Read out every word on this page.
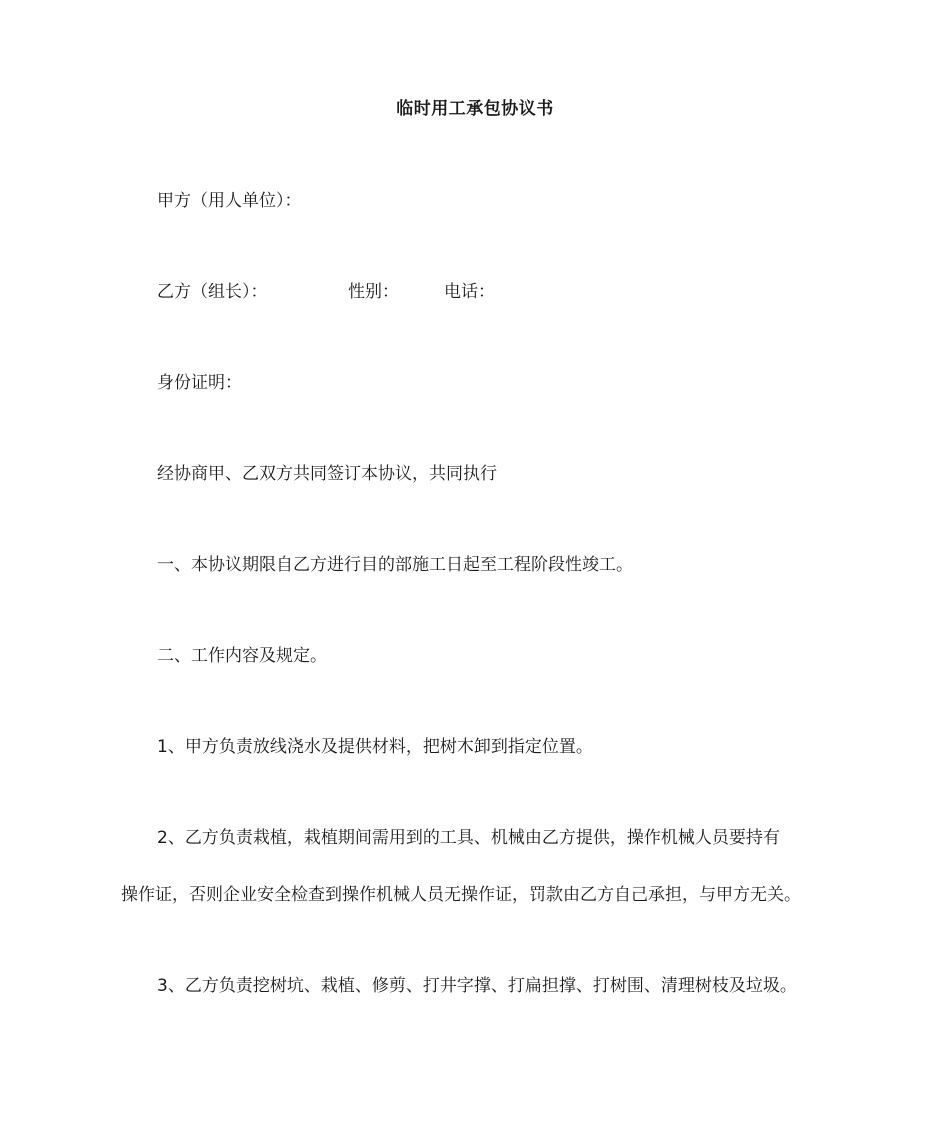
临时用工承包协议书
甲方（用人单位）：
乙方（组长）：	性别：	电话：
身份证明：
经协商甲、乙双方共同签订本协议，共同执行
一、本协议期限自乙方进行目的部施工日起至工程阶段性竣工。
二、工作内容及规定。
1、甲方负责放线浇水及提供材料，把树木卸到指定位置。
2、乙方负责栽植，栽植期间需用到的工具、机械由乙方提供，操作机械人员要持有
操作证，否则企业安全检查到操作机械人员无操作证，罚款由乙方自己承担，与甲方无关。
3、乙方负责挖树坑、栽植、修剪、打井字撑、打扁担撑、打树围、清理树枝及垃圾。
